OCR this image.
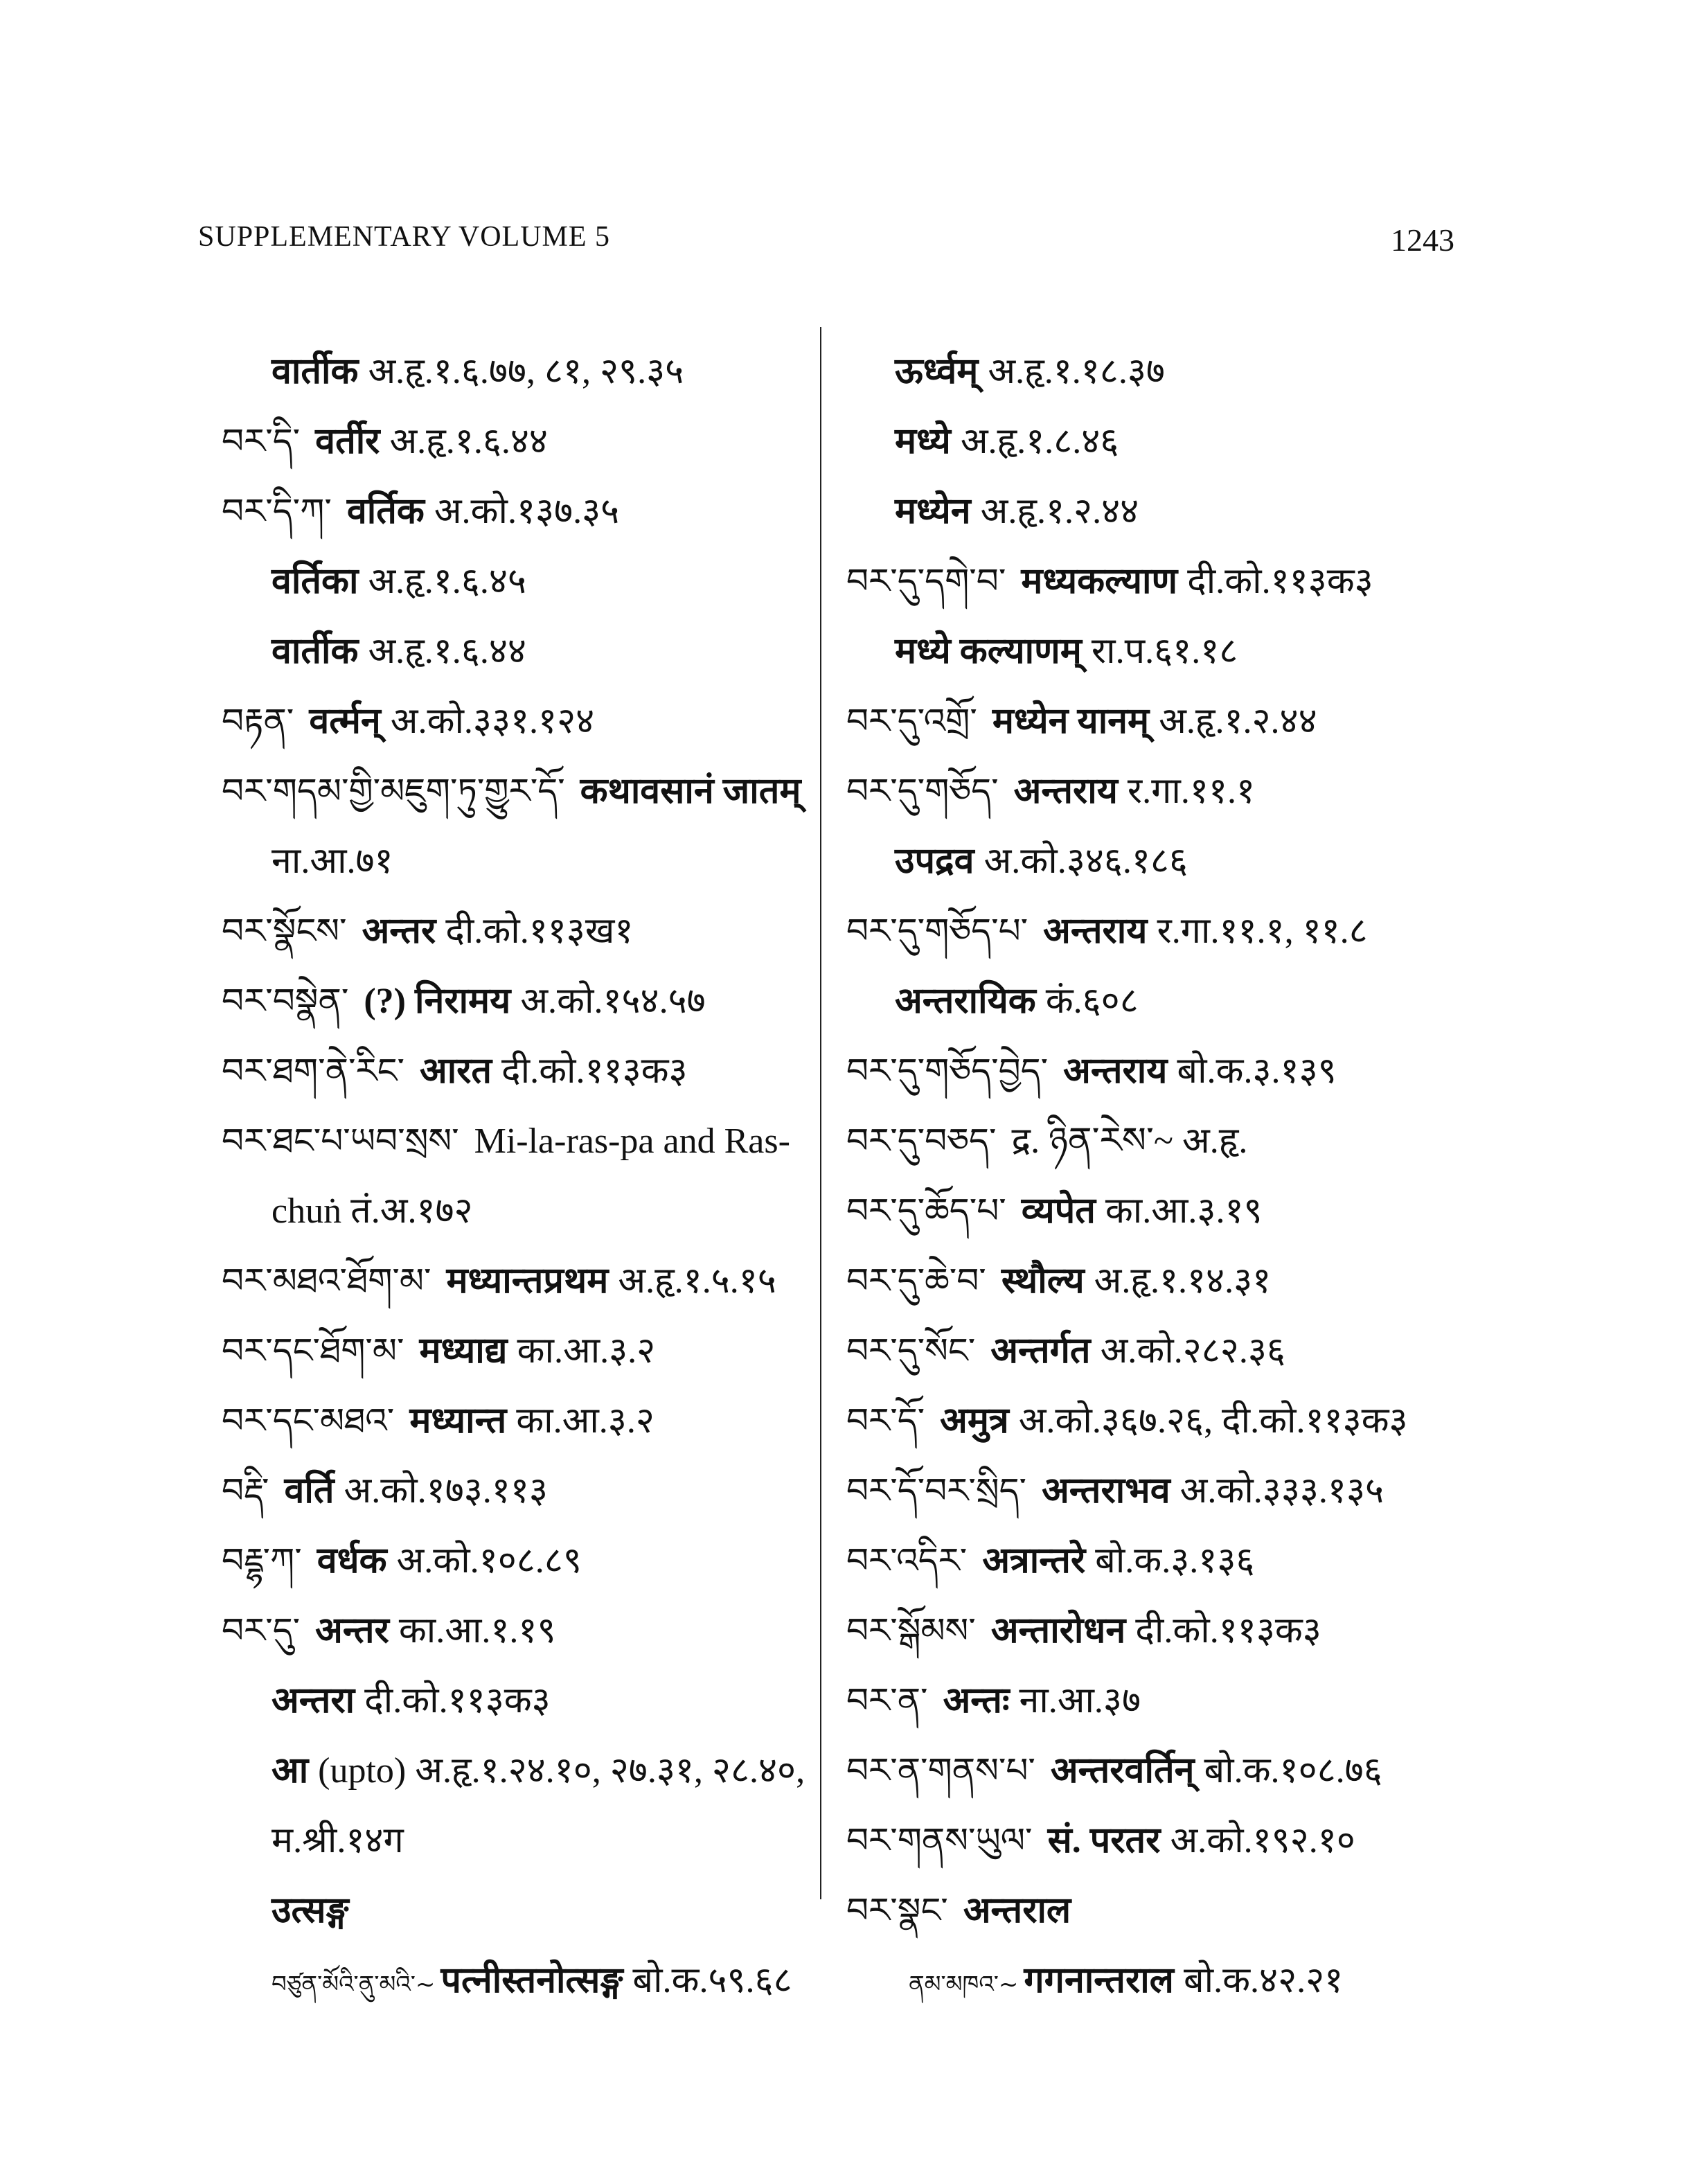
SUPPLEMENTARY VOLUME 5	1243
वार्तीक अ.हृ.१.६.७७, ८१, २९.३५
བར་དི་ वर्तीर अ.हृ.१.६.४४
བར་དི་ཀ་ वर्तिक अ.को.१३७.३५
वर्तिका अ.हृ.१.६.४५
वार्तीक अ.हृ.१.६.४४
བརྟན་ वर्त्मन् अ.को.३३१.१२४
བར་གདམ་གྱི་མཇུག་ཏུ་གྱུར་དོ་ कथावसानं जातम्
ना.आ.७१
བར་སྣོངས་ अन्तर दी.को.११३ख१
བར་བསྣེན་ (?) निरामय अ.को.१५४.५७
བར་ཐག་ནེ་རིང་ आरत दी.को.११३क३
བར་ཐང་པ་ཡབ་སྲས་ Mi-la-ras-pa and Ras-
chuṅ तं.अ.१७२
བར་མཐའ་ཐོག་མ་ मध्यान्तप्रथम अ.हृ.१.५.१५
བར་དང་ཐོག་མ་ मध्याद्य का.आ.३.२
བར་དང་མཐའ་ मध्यान्त का.आ.३.२
བརྡི་ वर्ति अ.को.१७३.११३
བརྡྷ་ཀ་ वर्धक अ.को.१०८.८९
བར་དུ་ अन्तर का.आ.१.१९
अन्तरा दी.को.११३क३
आ (upto) अ.हृ.१.२४.१०, २७.३१, २८.४०,
म.श्री.१४ग
उत्सङ्ग
བཙུན་མོའི་ནུ་མའི་~ पत्नीस्तनोत्सङ्ग बो.क.५९.६८
ऊर्ध्वम् अ.हृ.१.१८.३७
मध्ये अ.हृ.१.८.४६
मध्येन अ.हृ.१.२.४४
བར་དུ་དགེ་བ་ मध्यकल्याण दी.को.११३क३
मध्ये कल्याणम् रा.प.६१.१८
བར་དུ་འགྲོ་ मध्येन यानम् अ.हृ.१.२.४४
བར་དུ་གཅོད་ अन्तराय र.गा.११.१
उपद्रव अ.को.३४६.१८६
བར་དུ་གཅོད་པ་ अन्तराय र.गा.११.१, ११.८
अन्तरायिक कं.६०८
བར་དུ་གཅོད་བྱེད་ अन्तराय बो.क.३.१३९
བར་དུ་བཅད་ द्र. ཉིན་རེས་~ अ.हृ.
བར་དུ་ཆོད་པ་ व्यपेत का.आ.३.१९
བར་དུ་ཆེ་བ་ स्थौल्य अ.हृ.१.१४.३१
བར་དུ་སོང་ अन्तर्गत अ.को.२८२.३६
བར་དོ་ अमुत्र अ.को.३६७.२६, दी.को.११३क३
བར་དོ་བར་སྲིད་ अन्तराभव अ.को.३३३.१३५
བར་འདིར་ अत्रान्तरे बो.क.३.१३६
བར་སྒོམས་ अन्तारोधन दी.को.११३क३
བར་ན་ अन्तः ना.आ.३७
བར་ན་གནས་པ་ अन्तरवर्तिन् बो.क.१०८.७६
བར་གནས་ཡུལ་ सं. परतर अ.को.१९२.१०
བར་སྣང་ अन्तराल
ནམ་མཁའ་~ गगनान्तराल बो.क.४२.२१
